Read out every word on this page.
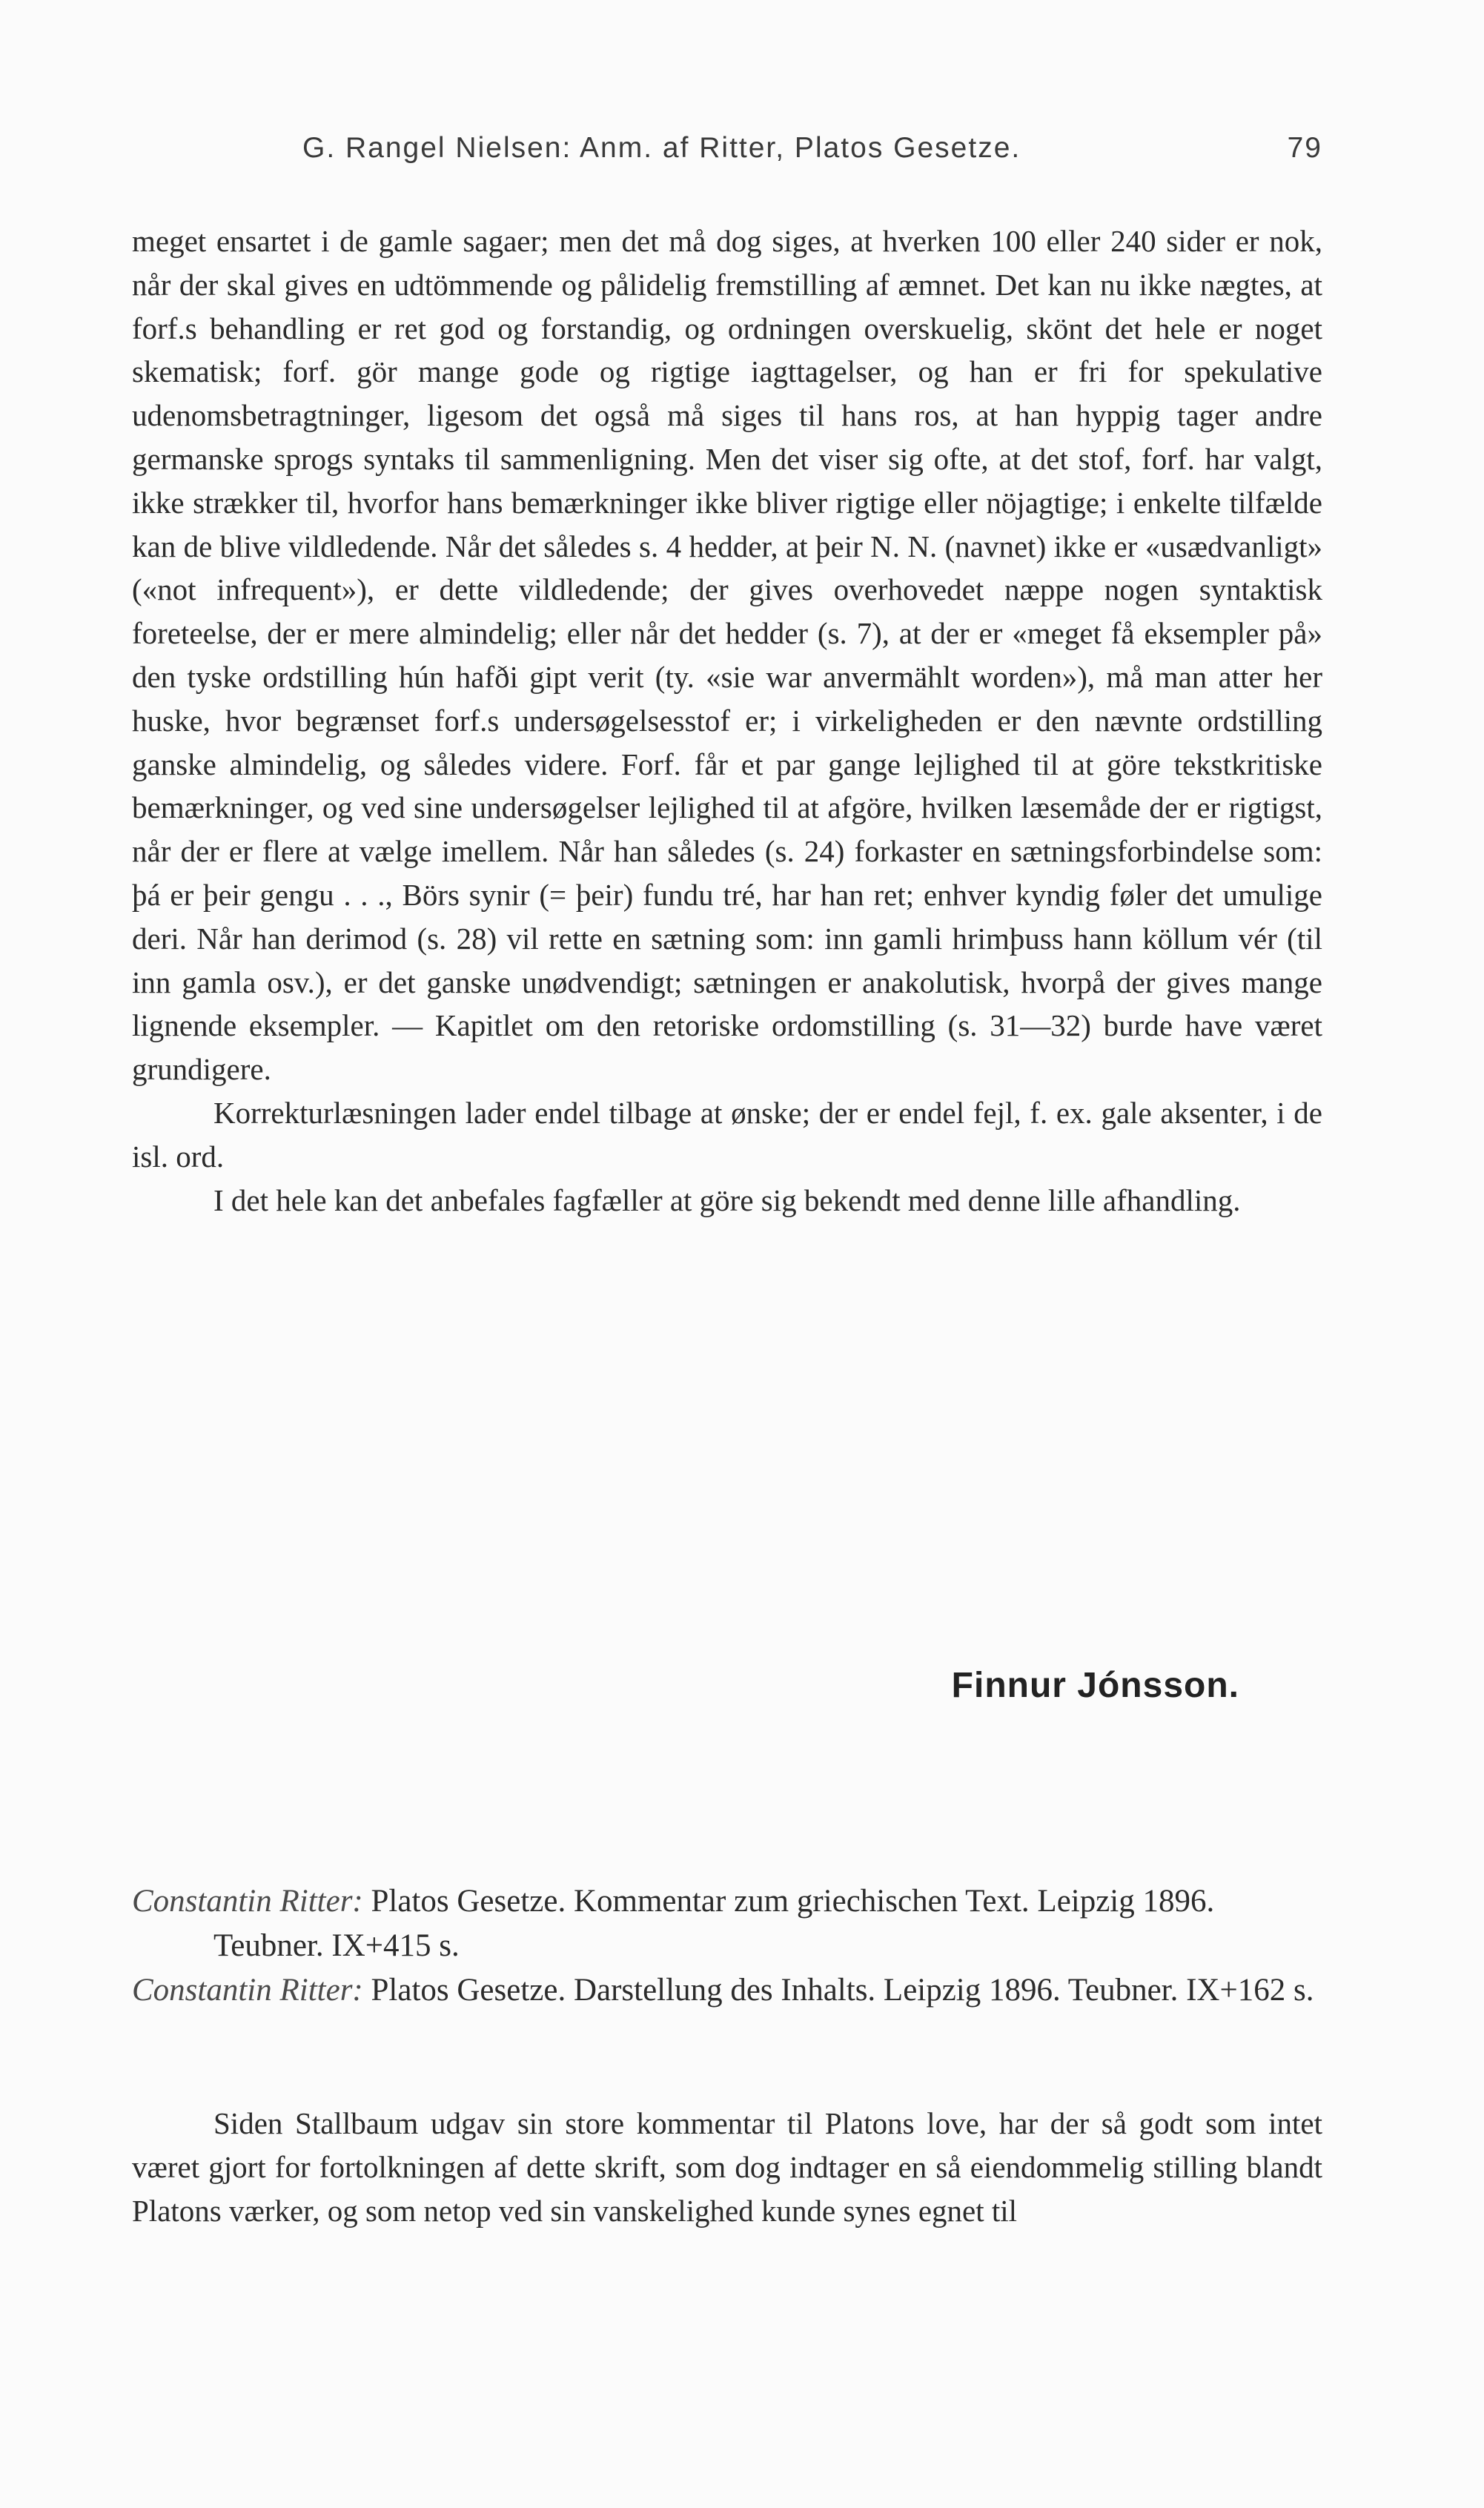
G. Rangel Nielsen: Anm. af Ritter, Platos Gesetze.	79

meget ensartet i de gamle sagaer; men det må dog siges, at hverken 100 eller 240 sider er nok, når der skal gives en udtömmende og pålidelig fremstilling af æmnet. Det kan nu ikke nægtes, at forf.s behandling er ret god og forstandig, og ordningen overskuelig, skönt det hele er noget skematisk; forf. gör mange gode og rigtige iagttagelser, og han er fri for spekulative udenomsbetragtninger, ligesom det også må siges til hans ros, at han hyppig tager andre germanske sprogs syntaks til sammenligning. Men det viser sig ofte, at det stof, forf. har valgt, ikke strækker til, hvorfor hans bemærkninger ikke bliver rigtige eller nöjagtige; i enkelte tilfælde kan de blive vildledende. Når det således s. 4 hedder, at þeir N. N. (navnet) ikke er «usædvanligt» («not infrequent»), er dette vildledende; der gives overhovedet næppe nogen syntaktisk foreteelse, der er mere almindelig; eller når det hedder (s. 7), at der er «meget få eksempler på» den tyske ordstilling hún hafði gipt verit (ty. «sie war anvermählt worden»), må man atter her huske, hvor begrænset forf.s undersøgelsesstof er; i virkeligheden er den nævnte ordstilling ganske almindelig, og således videre. Forf. får et par gange lejlighed til at göre tekstkritiske bemærkninger, og ved sine undersøgelser lejlighed til at afgöre, hvilken læsemåde der er rigtigst, når der er flere at vælge imellem. Når han således (s. 24) forkaster en sætningsforbindelse som: þá er þeir gengu . . ., Börs synir (= þeir) fundu tré, har han ret; enhver kyndig føler det umulige deri. Når han derimod (s. 28) vil rette en sætning som: inn gamli hrimþuss hann köllum vér (til inn gamla osv.), er det ganske unødvendigt; sætningen er anakolutisk, hvorpå der gives mange lignende eksempler. — Kapitlet om den retoriske ordomstilling (s. 31—32) burde have været grundigere.

Korrekturlæsningen lader endel tilbage at ønske; der er endel fejl, f. ex. gale aksenter, i de isl. ord.

I det hele kan det anbefales fagfæller at göre sig bekendt med denne lille afhandling.

Finnur Jónsson.

Constantin Ritter: Platos Gesetze. Kommentar zum griechischen Text. Leipzig 1896. Teubner. IX+415 s.

Constantin Ritter: Platos Gesetze. Darstellung des Inhalts. Leipzig 1896. Teubner. IX+162 s.

Siden Stallbaum udgav sin store kommentar til Platons love, har der så godt som intet været gjort for fortolkningen af dette skrift, som dog indtager en så eiendommelig stilling blandt Platons værker, og som netop ved sin vanskelighed kunde synes egnet til
